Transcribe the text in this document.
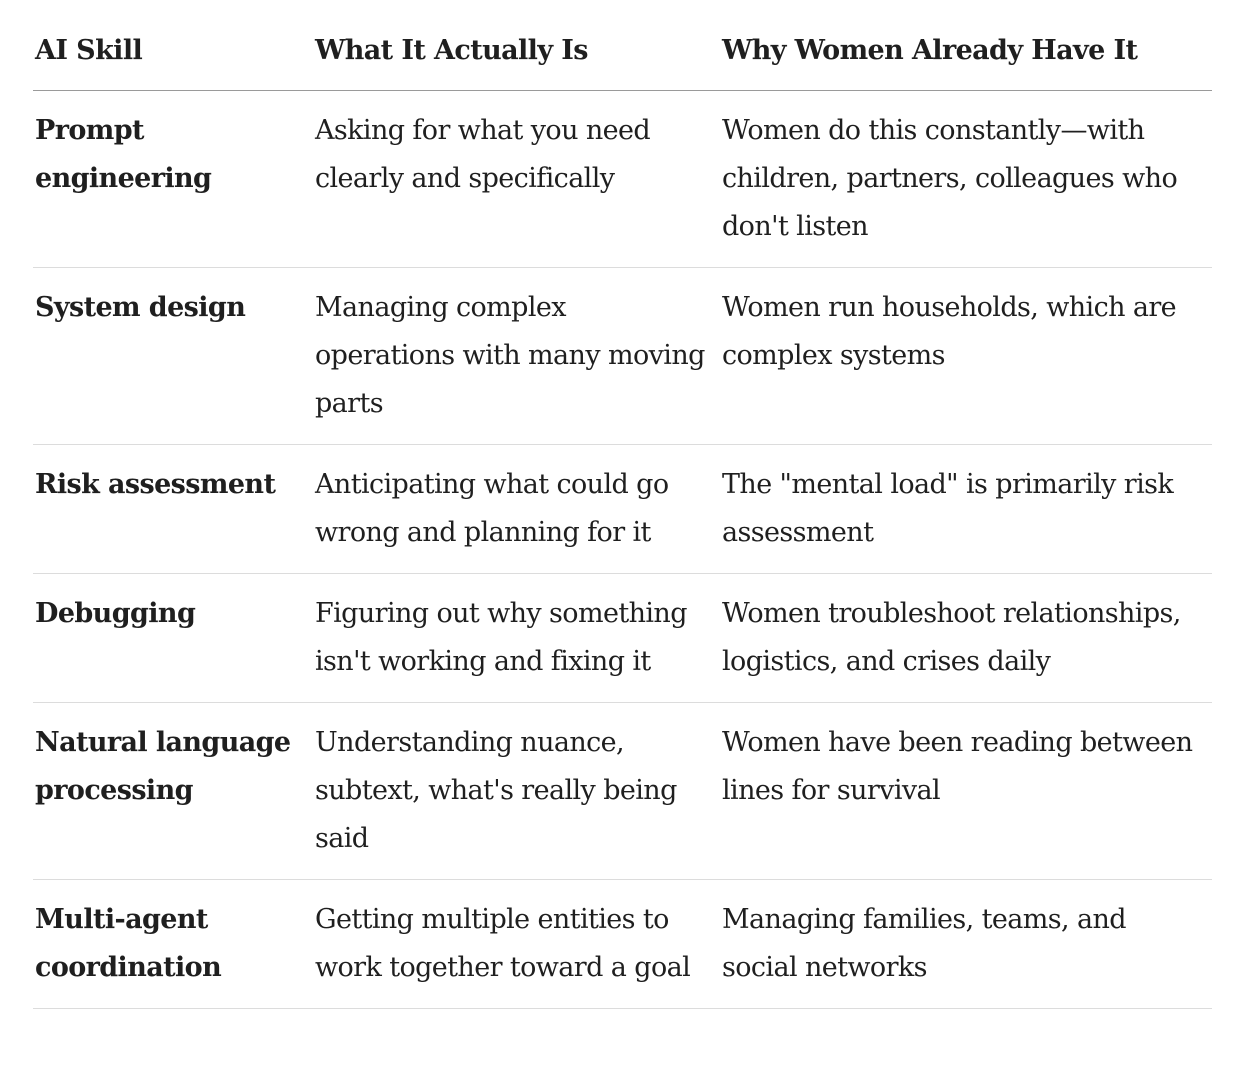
AI Skill	What It Actually Is	Why Women Already Have It

Prompt engineering	Asking for what you need clearly and specifically	Women do this constantly—with children, partners, colleagues who don't listen

System design	Managing complex operations with many moving parts	Women run households, which are complex systems

Risk assessment	Anticipating what could go wrong and planning for it	The "mental load" is primarily risk assessment

Debugging	Figuring out why something isn't working and fixing it	Women troubleshoot relationships, logistics, and crises daily

Natural language processing	Understanding nuance, subtext, what's really being said	Women have been reading between lines for survival

Multi-agent coordination	Getting multiple entities to work together toward a goal	Managing families, teams, and social networks
